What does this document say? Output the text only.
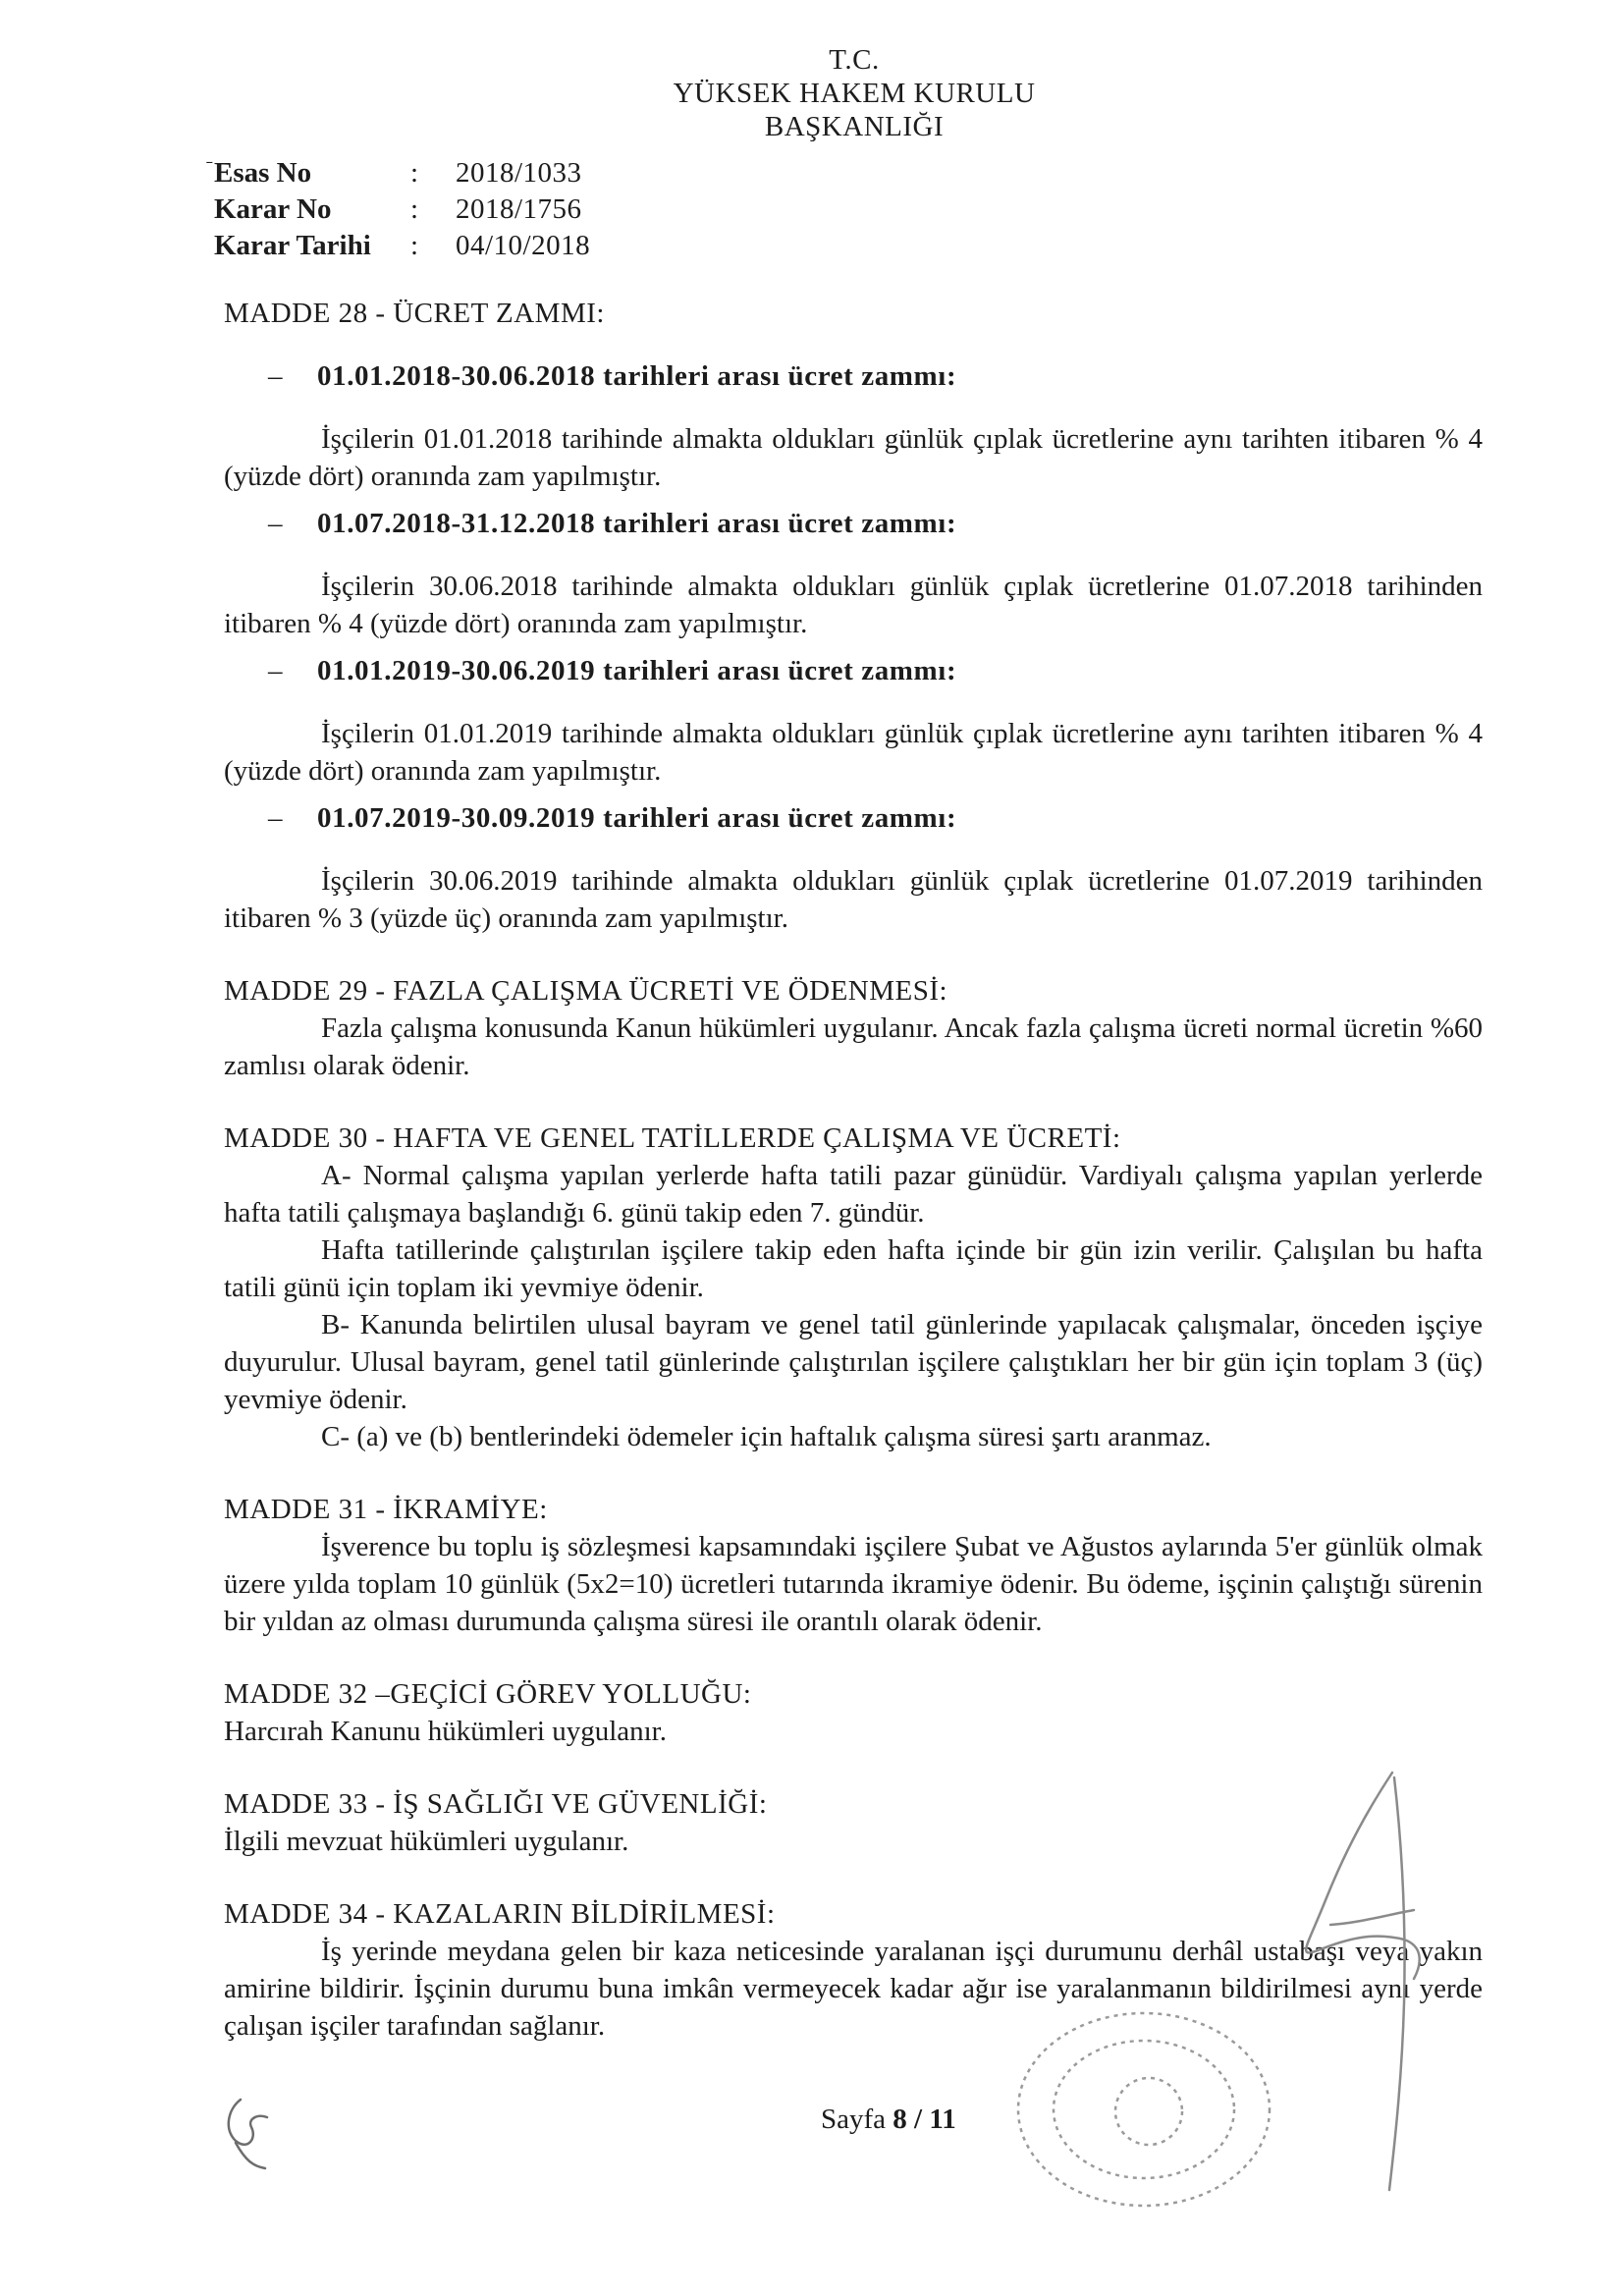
T.C.
YÜKSEK HAKEM KURULU
BAŞKANLIĞI
ˉ Esas No	:	2018/1033
Karar No	:	2018/1756
Karar Tarihi	:	04/10/2018
MADDE 28 - ÜCRET ZAMMI:
–	01.01.2018-30.06.2018 tarihleri arası ücret zammı:

İşçilerin 01.01.2018 tarihinde almakta oldukları günlük çıplak ücretlerine aynı tarihten itibaren % 4 (yüzde dört) oranında zam yapılmıştır.

–	01.07.2018-31.12.2018 tarihleri arası ücret zammı:

İşçilerin 30.06.2018 tarihinde almakta oldukları günlük çıplak ücretlerine 01.07.2018 tarihinden itibaren % 4 (yüzde dört) oranında zam yapılmıştır.

–	01.01.2019-30.06.2019 tarihleri arası ücret zammı:

İşçilerin 01.01.2019 tarihinde almakta oldukları günlük çıplak ücretlerine aynı tarihten itibaren % 4 (yüzde dört) oranında zam yapılmıştır.

–	01.07.2019-30.09.2019 tarihleri arası ücret zammı:

İşçilerin 30.06.2019 tarihinde almakta oldukları günlük çıplak ücretlerine 01.07.2019 tarihinden itibaren % 3 (yüzde üç) oranında zam yapılmıştır.

MADDE 29 - FAZLA ÇALIŞMA ÜCRETİ VE ÖDENMESİ:

Fazla çalışma konusunda Kanun hükümleri uygulanır. Ancak fazla çalışma ücreti normal ücretin %60 zamlısı olarak ödenir.

MADDE 30 - HAFTA VE GENEL TATİLLERDE ÇALIŞMA VE ÜCRETİ:

A- Normal çalışma yapılan yerlerde hafta tatili pazar günüdür. Vardiyalı çalışma yapılan yerlerde hafta tatili çalışmaya başlandığı 6. günü takip eden 7. gündür.

Hafta tatillerinde çalıştırılan işçilere takip eden hafta içinde bir gün izin verilir. Çalışılan bu hafta tatili günü için toplam iki yevmiye ödenir.

B- Kanunda belirtilen ulusal bayram ve genel tatil günlerinde yapılacak çalışmalar, önceden işçiye duyurulur. Ulusal bayram, genel tatil günlerinde çalıştırılan işçilere çalıştıkları her bir gün için toplam 3 (üç) yevmiye ödenir.

C- (a) ve (b) bentlerindeki ödemeler için haftalık çalışma süresi şartı aranmaz.

MADDE 31 - İKRAMİYE:

İşverence bu toplu iş sözleşmesi kapsamındaki işçilere Şubat ve Ağustos aylarında 5'er günlük olmak üzere yılda toplam 10 günlük (5x2=10) ücretleri tutarında ikramiye ödenir. Bu ödeme, işçinin çalıştığı sürenin bir yıldan az olması durumunda çalışma süresi ile orantılı olarak ödenir.

MADDE 32 –GEÇİCİ GÖREV YOLLUĞU:

Harcırah Kanunu hükümleri uygulanır.

MADDE 33 - İŞ SAĞLIĞI VE GÜVENLİĞİ:

İlgili mevzuat hükümleri uygulanır.

MADDE 34 - KAZALARIN BİLDİRİLMESİ:

İş yerinde meydana gelen bir kaza neticesinde yaralanan işçi durumunu derhâl ustabaşı veya yakın amirine bildirir. İşçinin durumu buna imkân vermeyecek kadar ağır ise yaralanmanın bildirilmesi aynı yerde çalışan işçiler tarafından sağlanır.

Sayfa 8 / 11
